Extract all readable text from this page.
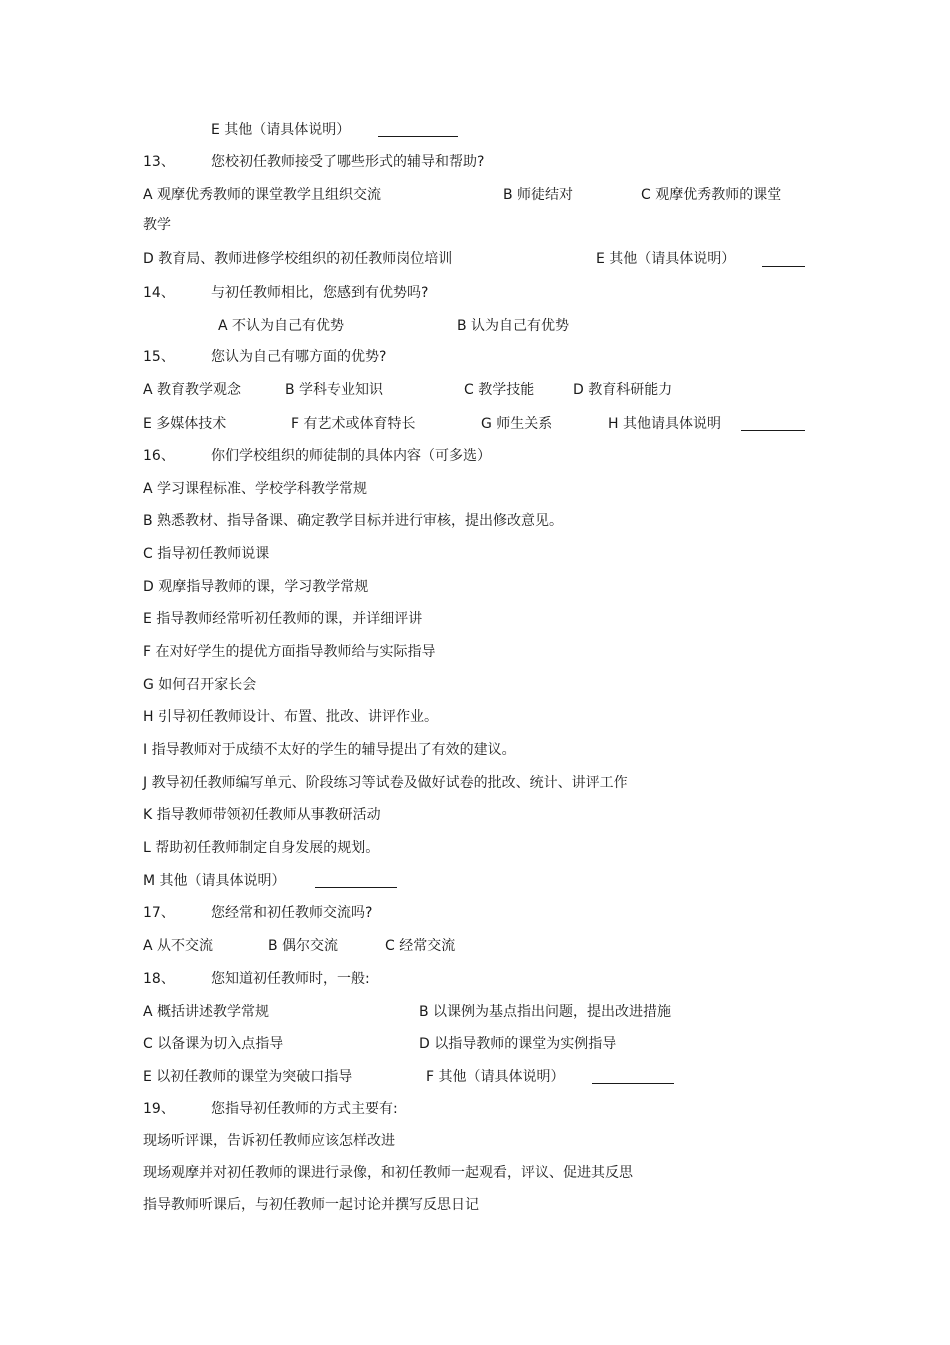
E 其他（请具体说明）
13、	您校初任教师接受了哪些形式的辅导和帮助?
A 观摩优秀教师的课堂教学且组织交流	B 师徒结对	C 观摩优秀教师的课堂
教学
D 教育局、教师进修学校组织的初任教师岗位培训	E 其他（请具体说明）
14、	与初任教师相比，您感到有优势吗?
A 不认为自己有优势	B 认为自己有优势
15、	您认为自己有哪方面的优势?
A 教育教学观念	B 学科专业知识	C 教学技能	D 教育科研能力
E 多媒体技术	F 有艺术或体育特长	G 师生关系	H 其他请具体说明
16、	你们学校组织的师徒制的具体内容（可多选）
A 学习课程标准、学校学科教学常规
B 熟悉教材、指导备课、确定教学目标并进行审核，提出修改意见。
C 指导初任教师说课
D 观摩指导教师的课，学习教学常规
E 指导教师经常听初任教师的课，并详细评讲
F 在对好学生的提优方面指导教师给与实际指导
G 如何召开家长会
H 引导初任教师设计、布置、批改、讲评作业。
I 指导教师对于成绩不太好的学生的辅导提出了有效的建议。
J 教导初任教师编写单元、阶段练习等试卷及做好试卷的批改、统计、讲评工作
K 指导教师带领初任教师从事教研活动
L 帮助初任教师制定自身发展的规划。
M 其他（请具体说明）
17、	您经常和初任教师交流吗?
A 从不交流	B 偶尔交流	C 经常交流
18、	您知道初任教师时，一般:
A 概括讲述教学常规	B 以课例为基点指出问题，提出改进措施
C 以备课为切入点指导	D 以指导教师的课堂为实例指导
E 以初任教师的课堂为突破口指导	F 其他（请具体说明）
19、	您指导初任教师的方式主要有:
现场听评课，告诉初任教师应该怎样改进
现场观摩并对初任教师的课进行录像，和初任教师一起观看，评议、促进其反思
指导教师听课后，与初任教师一起讨论并撰写反思日记
